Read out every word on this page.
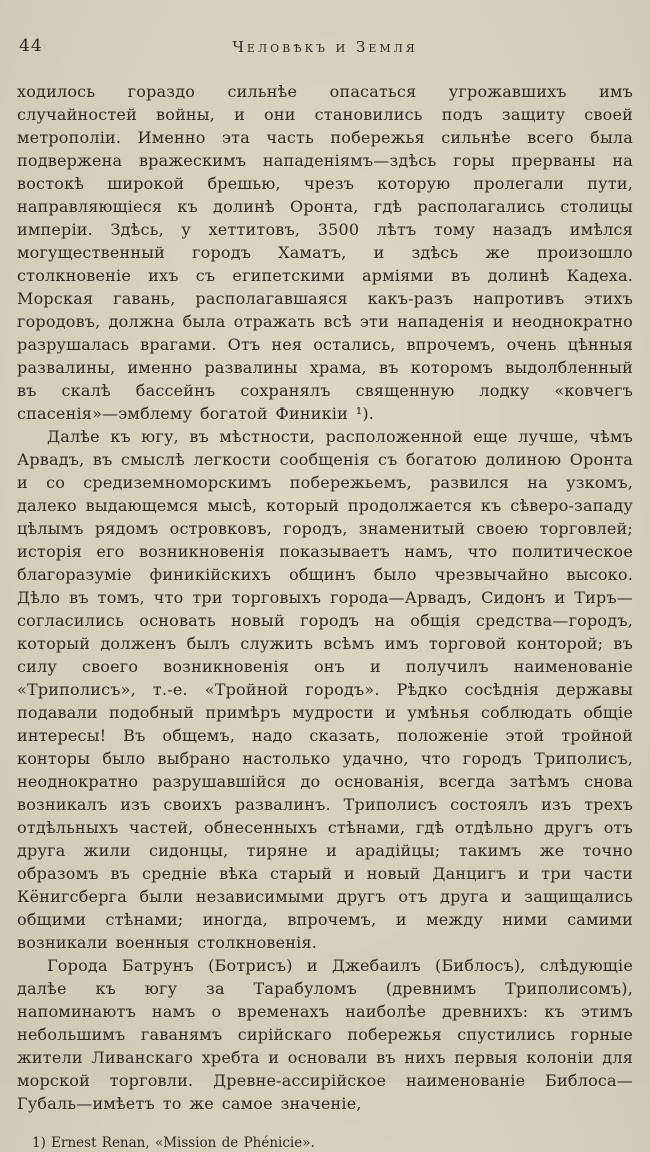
44	Человѣкъ и Земля

ходилось гораздо сильнѣе опасаться угрожавшихъ имъ случайностей войны, и они становились подъ защиту своей метрополіи. Именно эта часть побережья сильнѣе всего была подвержена вражескимъ нападеніямъ—здѣсь горы прерваны на востокѣ широкой брешью, чрезъ которую пролегали пути, направляющіеся къ долинѣ Оронта, гдѣ располагались столицы имперіи. Здѣсь, у хеттитовъ, 3500 лѣтъ тому назадъ имѣлся могущественный городъ Хаматъ, и здѣсь же произошло столкновеніе ихъ съ египетскими арміями въ долинѣ Кадеха. Морская гавань, располагавшаяся какъ-разъ напротивъ этихъ городовъ, должна была отражать всѣ эти нападенія и неоднократно разрушалась врагами. Отъ нея остались, впрочемъ, очень цѣнныя развалины, именно развалины храма, въ которомъ выдолбленный въ скалѣ бассейнъ сохранялъ священную лодку «ковчегъ спасенія»—эмблему богатой Финикіи ¹).

Далѣе къ югу, въ мѣстности, расположенной еще лучше, чѣмъ Арвадъ, въ смыслѣ легкости сообщенія съ богатою долиною Оронта и со средиземноморскимъ побережьемъ, развился на узкомъ, далеко выдающемся мысѣ, который продолжается къ сѣверо-западу цѣлымъ рядомъ островковъ, городъ, знаменитый своею торговлей; исторія его возникновенія показываетъ намъ, что политическое благоразуміе финикійскихъ общинъ было чрезвычайно высоко. Дѣло въ томъ, что три торговыхъ города—Арвадъ, Сидонъ и Тиръ—согласились основать новый городъ на общія средства—городъ, который долженъ былъ служить всѣмъ имъ торговой конторой; въ силу своего возникновенія онъ и получилъ наименованіе «Триполисъ», т.-е. «Тройной городъ». Рѣдко сосѣднія державы подавали подобный примѣръ мудрости и умѣнья соблюдать общіе интересы! Въ общемъ, надо сказать, положеніе этой тройной конторы было выбрано настолько удачно, что городъ Триполисъ, неоднократно разрушавшійся до основанія, всегда затѣмъ снова возникалъ изъ своихъ развалинъ. Триполисъ состоялъ изъ трехъ отдѣльныхъ частей, обнесенныхъ стѣнами, гдѣ отдѣльно другъ отъ друга жили сидонцы, тиряне и арадійцы; такимъ же точно образомъ въ средніе вѣка старый и новый Данцигъ и три части Кёнигсберга были независимыми другъ отъ друга и защищались общими стѣнами; иногда, впрочемъ, и между ними самими возникали военныя столкновенія.

Города Батрунъ (Ботрисъ) и Джебаилъ (Библосъ), слѣдующіе далѣе къ югу за Тарабуломъ (древнимъ Триполисомъ), напоминаютъ намъ о временахъ наиболѣе древнихъ: къ этимъ небольшимъ гаванямъ сирійскаго побережья спустились горные жители Ливанскаго хребта и основали въ нихъ первыя колоніи для морской торговли. Древне-ассирійское наименованіе Библоса—Губаль—имѣетъ то же самое значеніе,

1) Ernest Renan, «Mission de Phénicie».
